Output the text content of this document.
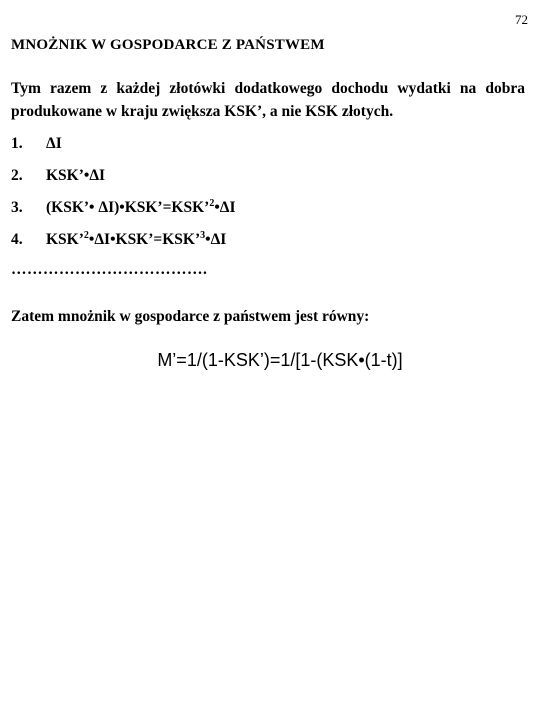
72
MNOŻNIK W GOSPODARCE Z PAŃSTWEM
Tym razem z każdej złotówki dodatkowego dochodu wydatki na dobra produkowane w kraju zwiększa KSK’, a nie KSK złotych.
1. ΔI
2. KSK’•ΔI
3. (KSK’• ΔI)•KSK’=KSK’$^2$•ΔI
4. KSK’$^2$•ΔI•KSK’=KSK’$^3$•ΔI
……………………………….
Zatem mnożnik w gospodarce z państwem jest równy:
M’=1/(1-KSK’)=1/[1-(KSK•(1-t)]
